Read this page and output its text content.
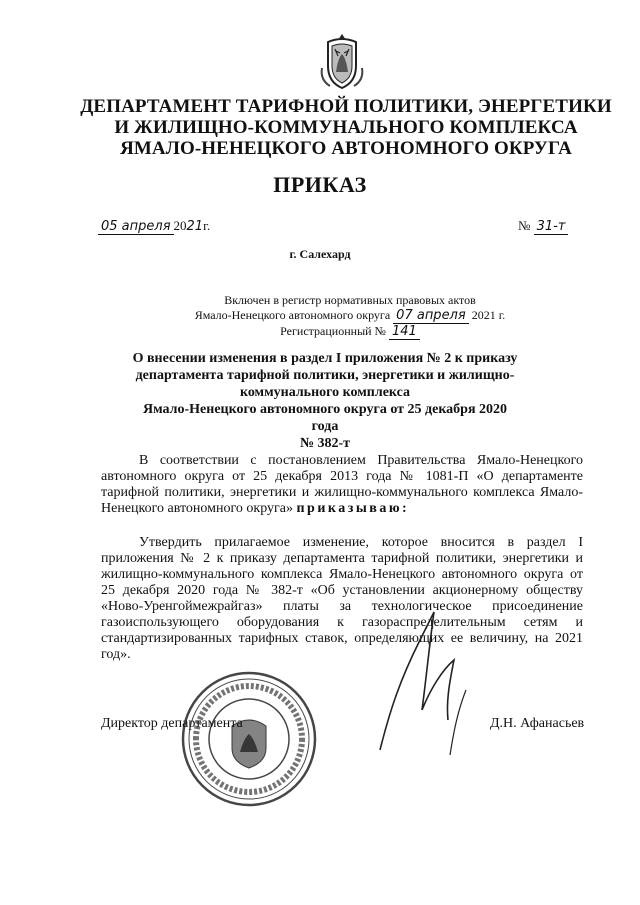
ДЕПАРТАМЕНТ ТАРИФНОЙ ПОЛИТИКИ, ЭНЕРГЕТИКИ
И ЖИЛИЩНО-КОММУНАЛЬНОГО КОМПЛЕКСА
ЯМАЛО-НЕНЕЦКОГО АВТОНОМНОГО ОКРУГА
ПРИКАЗ
05 апреля 2021г.	№ 31-т
г. Салехард
Включен в регистр нормативных правовых актов
Ямало-Ненецкого автономного округа 07 апреля 2021 г.
Регистрационный № 141
О внесении изменения в раздел I приложения № 2 к приказу
департамента тарифной политики, энергетики и жилищно-
коммунального комплекса
Ямало-Ненецкого автономного округа от 25 декабря 2020 года
№ 382-т

В соответствии с постановлением Правительства Ямало-Ненецкого автономного округа от 25 декабря 2013 года № 1081-П «О департаменте тарифной политики, энергетики и жилищно-коммунального комплекса Ямало-Ненецкого автономного округа» приказываю:

Утвердить прилагаемое изменение, которое вносится в раздел I приложения № 2 к приказу департамента тарифной политики, энергетики и жилищно-коммунального комплекса Ямало-Ненецкого автономного округа от 25 декабря 2020 года № 382-т «Об установлении акционерному обществу «Ново-Уренгоймежрайгаз» платы за технологическое присоединение газоиспользующего оборудования к газораспределительным сетям и стандартизированных тарифных ставок, определяющих ее величину, на 2021 год».

Директор департамента	Д.Н. Афанасьев
